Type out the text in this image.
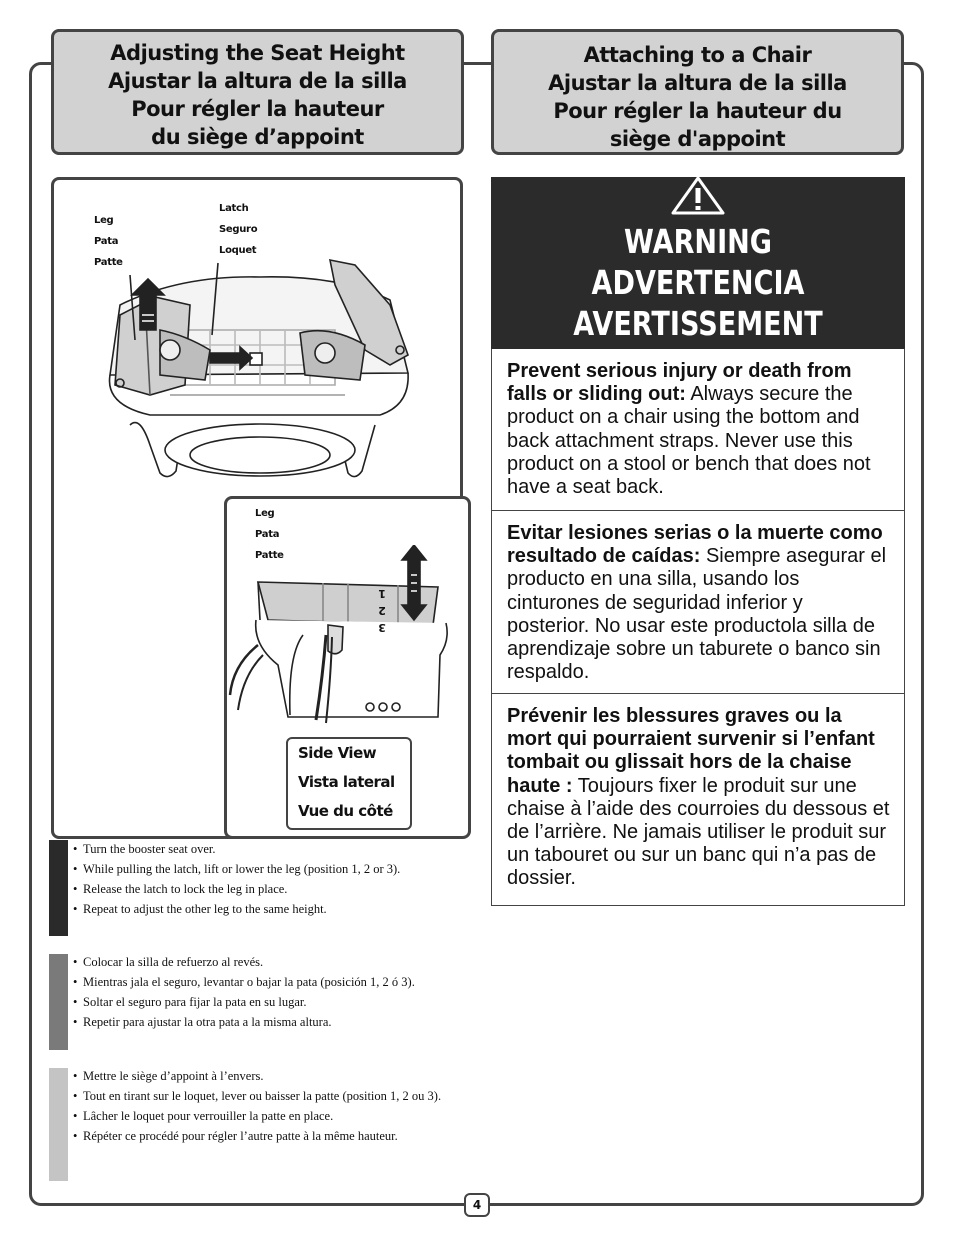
Adjusting the Seat Height
Ajustar la altura de la silla
Pour régler la hauteur
du siège d’appoint
Attaching to a Chair
Ajustar la altura de la silla
Pour régler la hauteur du
siège d'appoint
Leg
Pata
Patte
Latch
Seguro
Loquet
3
2
1
Leg
Pata
Patte
Side View
Vista lateral
Vue du côté
• Turn the booster seat over.
• While pulling the latch, lift or lower the leg (position 1, 2 or 3).
• Release the latch to lock the leg in place.
• Repeat to adjust the other leg to the same height.
• Colocar la silla de refuerzo al revés.
• Mientras jala el seguro, levantar o bajar la pata (posición 1, 2 ó 3).
• Soltar el seguro para fijar la pata en su lugar.
• Repetir para ajustar la otra pata a la misma altura.
• Mettre le siège d’appoint à l’envers.
• Tout en tirant sur le loquet, lever ou baisser la patte (position 1, 2 ou 3).
• Lâcher le loquet pour verrouiller la patte en place.
• Répéter ce procédé pour régler l’autre patte à la même hauteur.
WARNING
ADVERTENCIA
AVERTISSEMENT
Prevent serious injury or death from falls or sliding out: Always secure the product on a chair using the bottom and back attachment straps. Never use this product on a stool or bench that does not have a seat back.
Evitar lesiones serias o la muerte como resultado de caídas: Siempre asegurar el producto en una silla, usando los cinturones de seguridad inferior y posterior. No usar este productola silla de aprendizaje sobre un taburete o banco sin respaldo.
Prévenir les blessures graves ou la mort qui pourraient survenir si l’enfant tombait ou glissait hors de la chaise haute : Toujours fixer le produit sur une chaise à l’aide des courroies du dessous et de l’arrière. Ne jamais utiliser le produit sur un tabouret ou sur un banc qui n’a pas de dossier.
4
